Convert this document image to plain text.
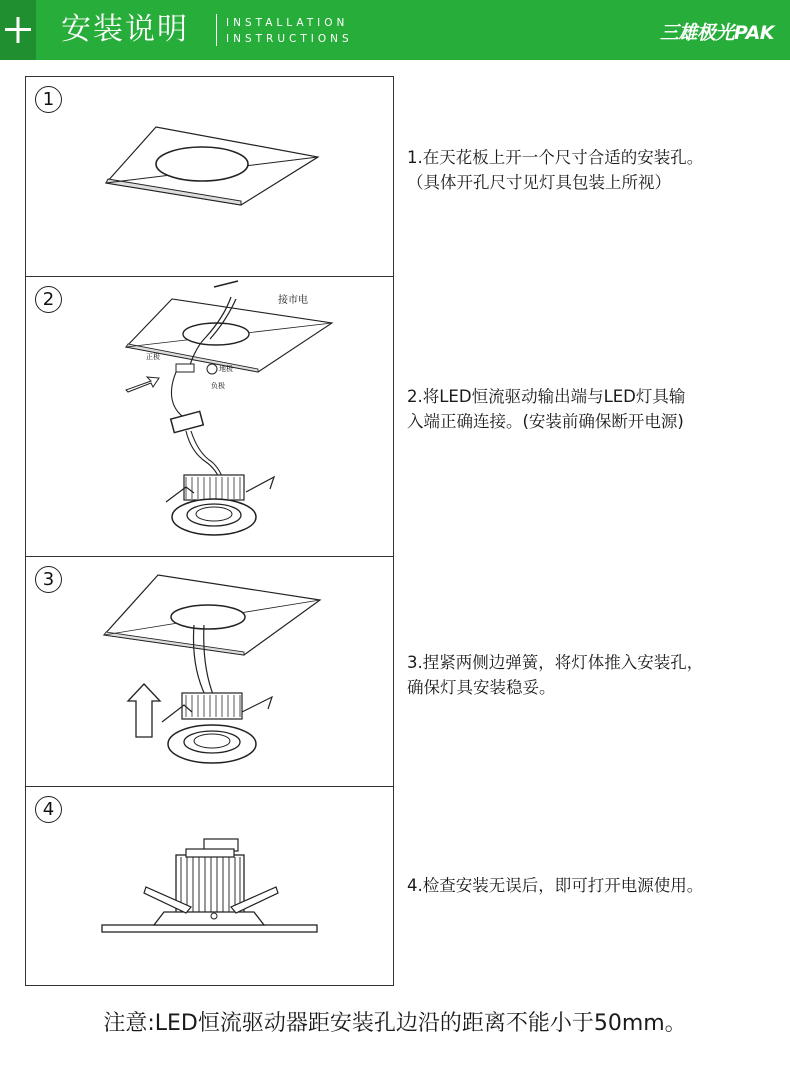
安装说明	INSTALLATION
INSTRUCTIONS	三雄极光PAK
1
2	接市电
正极
地极
负极
3
4
1.在天花板上开一个尺寸合适的安装孔。
（具体开孔尺寸见灯具包装上所视）
2.将LED恒流驱动输出端与LED灯具输
入端正确连接。(安装前确保断开电源)
3.捏紧两侧边弹簧，将灯体推入安装孔，
确保灯具安装稳妥。
4.检查安装无误后，即可打开电源使用。
注意:LED恒流驱动器距安装孔边沿的距离不能小于50mm。
